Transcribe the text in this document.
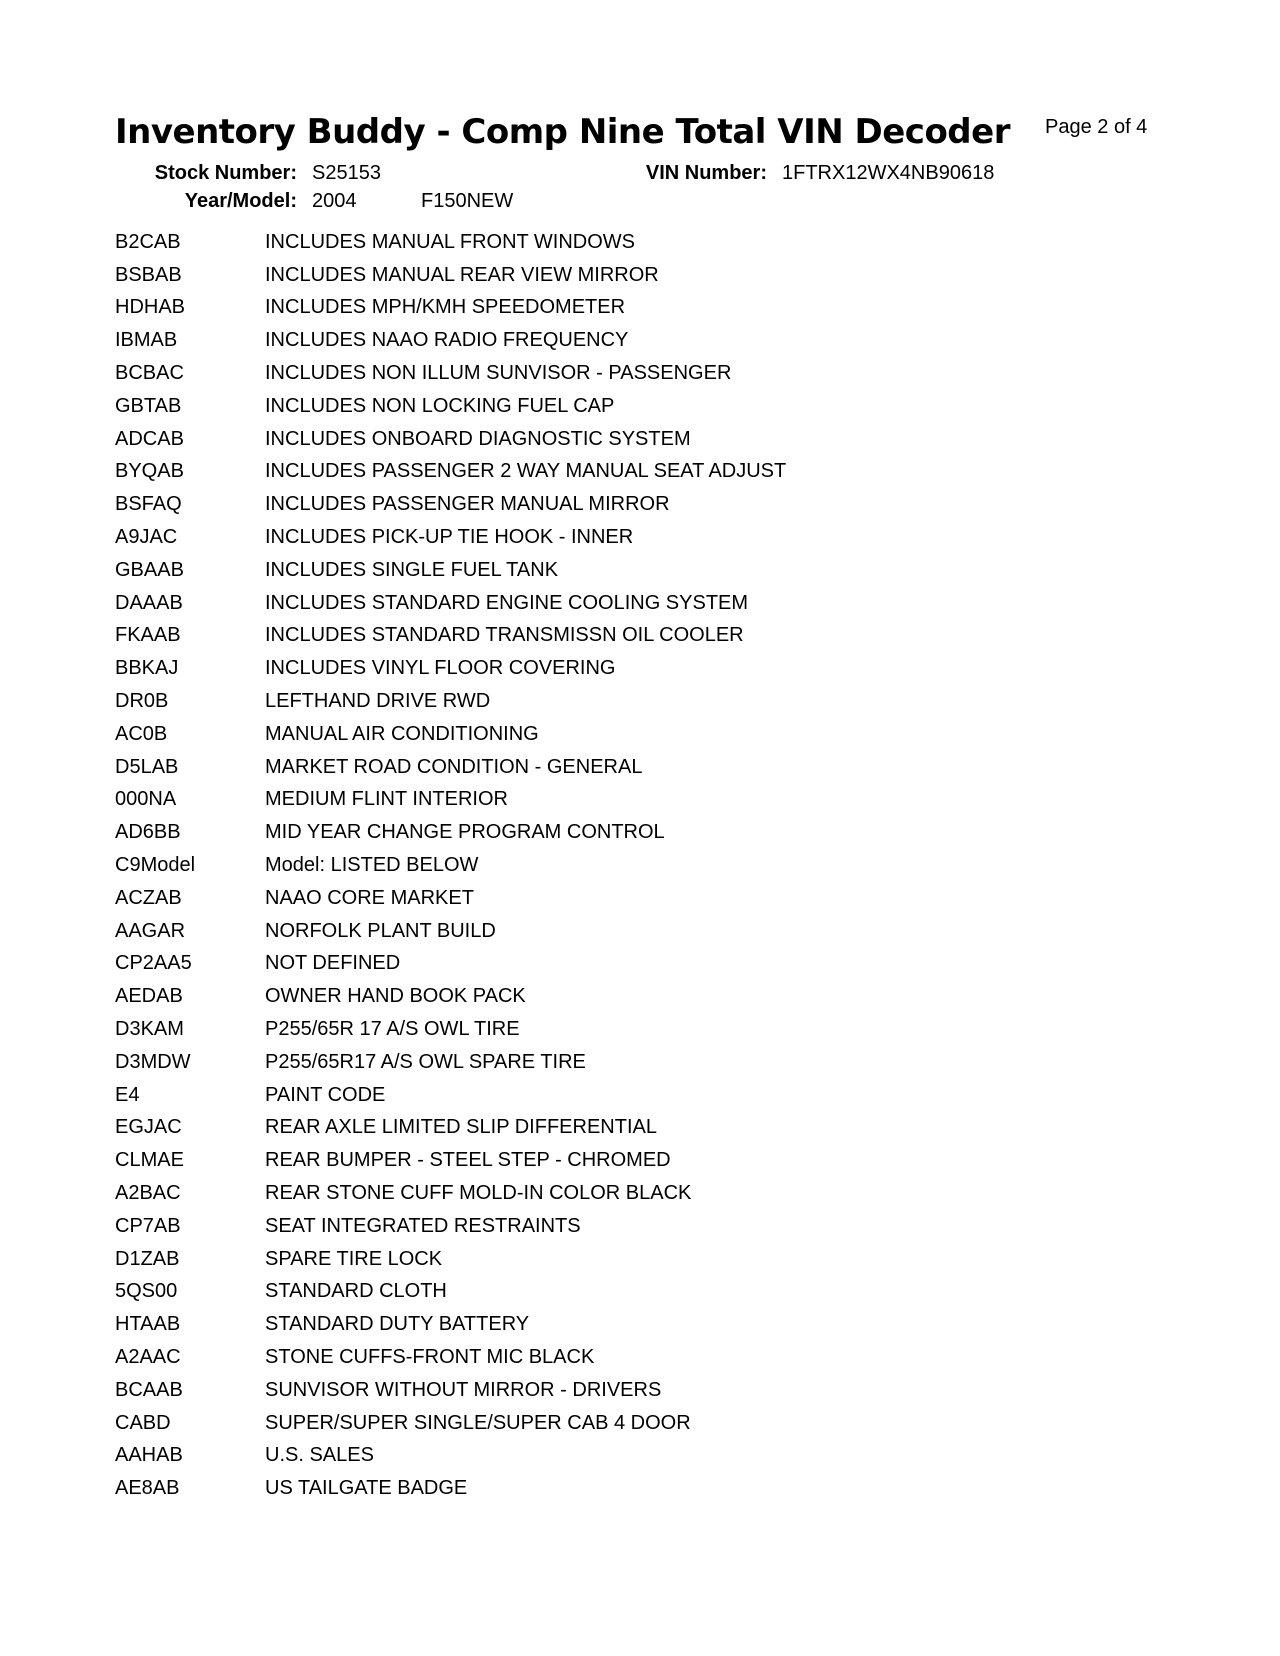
Inventory Buddy - Comp Nine Total VIN Decoder Page 2 of 4
Stock Number: S25153	VIN Number: 1FTRX12WX4NB90618
Year/Model: 2004	F150NEW
B2CAB	INCLUDES MANUAL FRONT WINDOWS
BSBAB	INCLUDES MANUAL REAR VIEW MIRROR
HDHAB	INCLUDES MPH/KMH SPEEDOMETER
IBMAB	INCLUDES NAAO RADIO FREQUENCY
BCBAC	INCLUDES NON ILLUM SUNVISOR - PASSENGER
GBTAB	INCLUDES NON LOCKING FUEL CAP
ADCAB	INCLUDES ONBOARD DIAGNOSTIC SYSTEM
BYQAB	INCLUDES PASSENGER 2 WAY MANUAL SEAT ADJUST
BSFAQ	INCLUDES PASSENGER MANUAL MIRROR
A9JAC	INCLUDES PICK-UP TIE HOOK - INNER
GBAAB	INCLUDES SINGLE FUEL TANK
DAAAB	INCLUDES STANDARD ENGINE COOLING SYSTEM
FKAAB	INCLUDES STANDARD TRANSMISSN OIL COOLER
BBKAJ	INCLUDES VINYL FLOOR COVERING
DR0B	LEFTHAND DRIVE RWD
AC0B	MANUAL AIR CONDITIONING
D5LAB	MARKET ROAD CONDITION - GENERAL
000NA	MEDIUM FLINT INTERIOR
AD6BB	MID YEAR CHANGE PROGRAM CONTROL
C9Model	Model: LISTED BELOW
ACZAB	NAAO CORE MARKET
AAGAR	NORFOLK PLANT BUILD
CP2AA5	NOT DEFINED
AEDAB	OWNER HAND BOOK PACK
D3KAM	P255/65R 17 A/S OWL TIRE
D3MDW	P255/65R17 A/S OWL SPARE TIRE
E4	PAINT CODE
EGJAC	REAR AXLE LIMITED SLIP DIFFERENTIAL
CLMAE	REAR BUMPER - STEEL STEP - CHROMED
A2BAC	REAR STONE CUFF MOLD-IN COLOR BLACK
CP7AB	SEAT INTEGRATED RESTRAINTS
D1ZAB	SPARE TIRE LOCK
5QS00	STANDARD CLOTH
HTAAB	STANDARD DUTY BATTERY
A2AAC	STONE CUFFS-FRONT MIC BLACK
BCAAB	SUNVISOR WITHOUT MIRROR - DRIVERS
CABD	SUPER/SUPER SINGLE/SUPER CAB 4 DOOR
AAHAB	U.S. SALES
AE8AB	US TAILGATE BADGE
